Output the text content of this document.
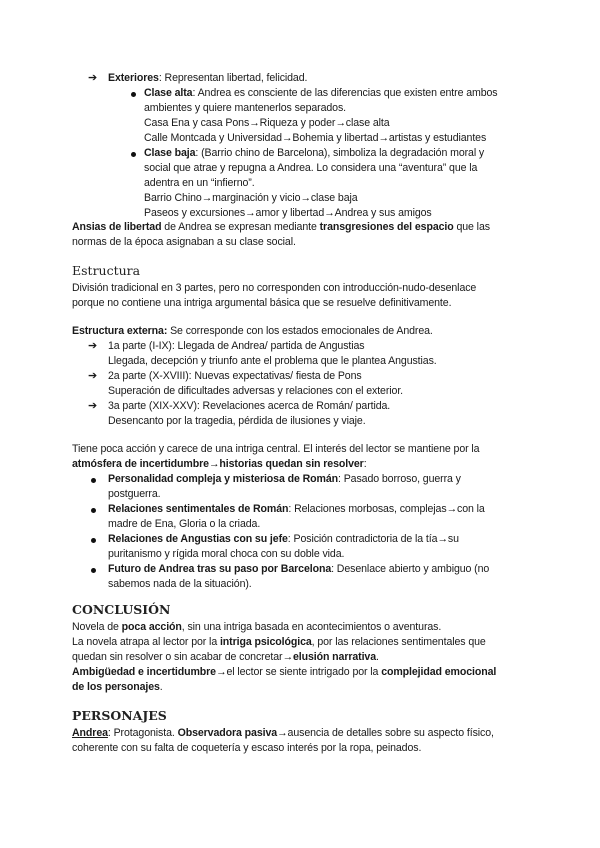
➔ Exteriores: Representan libertad, felicidad.
Clase alta: Andrea es consciente de las diferencias que existen entre ambos
ambientes y quiere mantenerlos separados.
Casa Ena y casa Pons→Riqueza y poder→clase alta
Calle Montcada y Universidad→Bohemia y libertad→artistas y estudiantes
Clase baja: (Barrio chino de Barcelona), simboliza la degradación moral y
social que atrae y repugna a Andrea. Lo considera una “aventura” que la
adentra en un “infierno”.
Barrio Chino→marginación y vicio→clase baja
Paseos y excursiones→amor y libertad→Andrea y sus amigos
Ansias de libertad de Andrea se expresan mediante transgresiones del espacio que las
normas de la época asignaban a su clase social.
Estructura
División tradicional en 3 partes, pero no corresponden con introducción-nudo-desenlace
porque no contiene una intriga argumental básica que se resuelve definitivamente.
Estructura externa: Se corresponde con los estados emocionales de Andrea.
➔ 1a parte (I-IX): Llegada de Andrea/ partida de Angustias
Llegada, decepción y triunfo ante el problema que le plantea Angustias.
➔ 2a parte (X-XVIII): Nuevas expectativas/ fiesta de Pons
Superación de dificultades adversas y relaciones con el exterior.
➔ 3a parte (XIX-XXV): Revelaciones acerca de Román/ partida.
Desencanto por la tragedia, pérdida de ilusiones y viaje.
Tiene poca acción y carece de una intriga central. El interés del lector se mantiene por la
atmósfera de incertidumbre→historias quedan sin resolver:
Personalidad compleja y misteriosa de Román: Pasado borroso, guerra y
postguerra.
Relaciones sentimentales de Román: Relaciones morbosas, complejas→con la
madre de Ena, Gloria o la criada.
Relaciones de Angustias con su jefe: Posición contradictoria de la tía→su
puritanismo y rígida moral choca con su doble vida.
Futuro de Andrea tras su paso por Barcelona: Desenlace abierto y ambiguo (no
sabemos nada de la situación).
CONCLUSIÓN
Novela de poca acción, sin una intriga basada en acontecimientos o aventuras.
La novela atrapa al lector por la intriga psicológica, por las relaciones sentimentales que
quedan sin resolver o sin acabar de concretar→elusión narrativa.
Ambigüedad e incertidumbre→el lector se siente intrigado por la complejidad emocional
de los personajes.
PERSONAJES
Andrea: Protagonista. Observadora pasiva→ausencia de detalles sobre su aspecto físico,
coherente con su falta de coquetería y escaso interés por la ropa, peinados.
